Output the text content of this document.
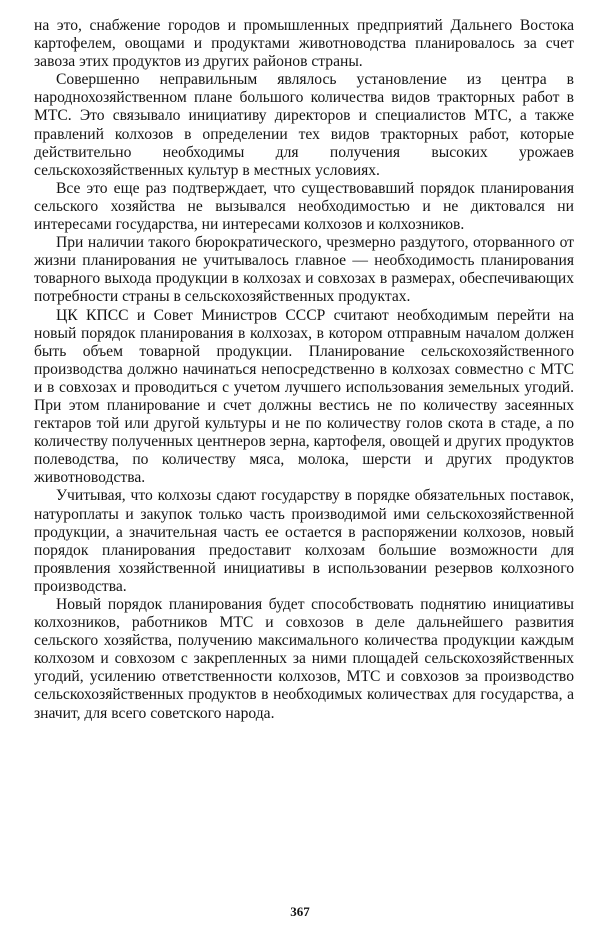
на это, снабжение городов и промышленных предприятий Дальнего Востока картофелем, овощами и продуктами животноводства планировалось за счет завоза этих продуктов из других районов страны.

Совершенно неправильным являлось установление из центра в народнохозяйственном плане большого количества видов тракторных работ в МТС. Это связывало инициативу директоров и специалистов МТС, а также правлений колхозов в определении тех видов тракторных работ, которые действительно необходимы для получения высоких урожаев сельскохозяйственных культур в местных условиях.

Все это еще раз подтверждает, что существовавший порядок планирования сельского хозяйства не вызывался необходимостью и не диктовался ни интересами государства, ни интересами колхозов и колхозников.

При наличии такого бюрократического, чрезмерно раздутого, оторванного от жизни планирования не учитывалось главное — необходимость планирования товарного выхода продукции в колхозах и совхозах в размерах, обеспечивающих потребности страны в сельскохозяйственных продуктах.

ЦК КПСС и Совет Министров СССР считают необходимым перейти на новый порядок планирования в колхозах, в котором отправным началом должен быть объем товарной продукции. Планирование сельскохозяйственного производства должно начинаться непосредственно в колхозах совместно с МТС и в совхозах и проводиться с учетом лучшего использования земельных угодий. При этом планирование и счет должны вестись не по количеству засеянных гектаров той или другой культуры и не по количеству голов скота в стаде, а по количеству полученных центнеров зерна, картофеля, овощей и других продуктов полеводства, по количеству мяса, молока, шерсти и других продуктов животноводства.

Учитывая, что колхозы сдают государству в порядке обязательных поставок, натуроплаты и закупок только часть производимой ими сельскохозяйственной продукции, а значительная часть ее остается в распоряжении колхозов, новый порядок планирования предоставит колхозам большие возможности для проявления хозяйственной инициативы в использовании резервов колхозного производства.

Новый порядок планирования будет способствовать поднятию инициативы колхозников, работников МТС и совхозов в деле дальнейшего развития сельского хозяйства, получению максимального количества продукции каждым колхозом и совхозом с закрепленных за ними площадей сельскохозяйственных угодий, усилению ответственности колхозов, МТС и совхозов за производство сельскохозяйственных продуктов в необходимых количествах для государства, а значит, для всего советского народа.

367
